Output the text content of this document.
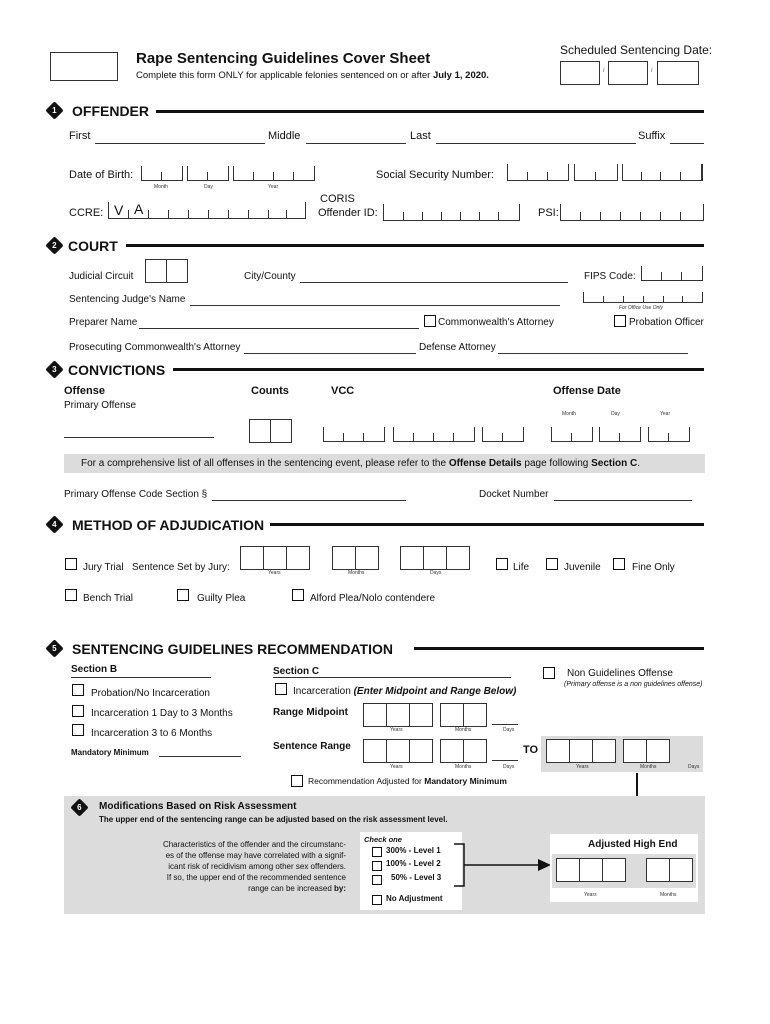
Rape Sentencing Guidelines Cover Sheet
Complete this form ONLY for applicable felonies sentenced on or after July 1, 2020.
Scheduled Sentencing Date:
/	/
1	OFFENDER
First	Middle	Last	Suffix
Date of Birth:
Month	Day	Year
Social Security Number:
CCRE: V A
CORIS
Offender ID:	PSI:
2 COURT
Judicial Circuit	City/County	FIPS Code:
Sentencing Judge's Name
For Office Use Only
Preparer Name	Commonwealth's Attorney	Probation Officer
Prosecuting Commonwealth's Attorney	Defense Attorney
3 CONVICTIONS
Offense
Primary Offense
Counts	VCC	Offense Date
Month	Day	Year
For a comprehensive list of all offenses in the sentencing event, please refer to the Offense Details page following Section C.
Primary Offense Code Section §	Docket Number
4	METHOD OF ADJUDICATION
Jury Trial Sentence Set by Jury:	Years	Months	Days	Life	Juvenile	Fine Only
Bench Trial	Guilty Plea	Alford Plea/Nolo contendere
5	SENTENCING GUIDELINES RECOMMENDATION
Section B
Probation/No Incarceration
Incarceration 1 Day to 3 Months
Incarceration 3 to 6 Months
Mandatory Minimum
Section C
Incarceration (Enter Midpoint and Range Below)
Range Midpoint
Years	Months	Days
Sentence Range
Years	Months	Days
TO
Years	Months	Days
Recommendation Adjusted for Mandatory Minimum
Non Guidelines Offense
(Primary offense is a non guidelines offense)
6	Modifications Based on Risk Assessment
The upper end of the sentencing range can be adjusted based on the risk assessment level.
Characteristics of the offender and the circumstanc-
es of the offense may have correlated with a signif-
icant risk of recidivism among other sex offenders.
If so, the upper end of the recommended sentence
range can be increased by:
Check one
300% - Level 1
100% - Level 2
50% - Level 3
No Adjustment
Adjusted High End
Years	Months
